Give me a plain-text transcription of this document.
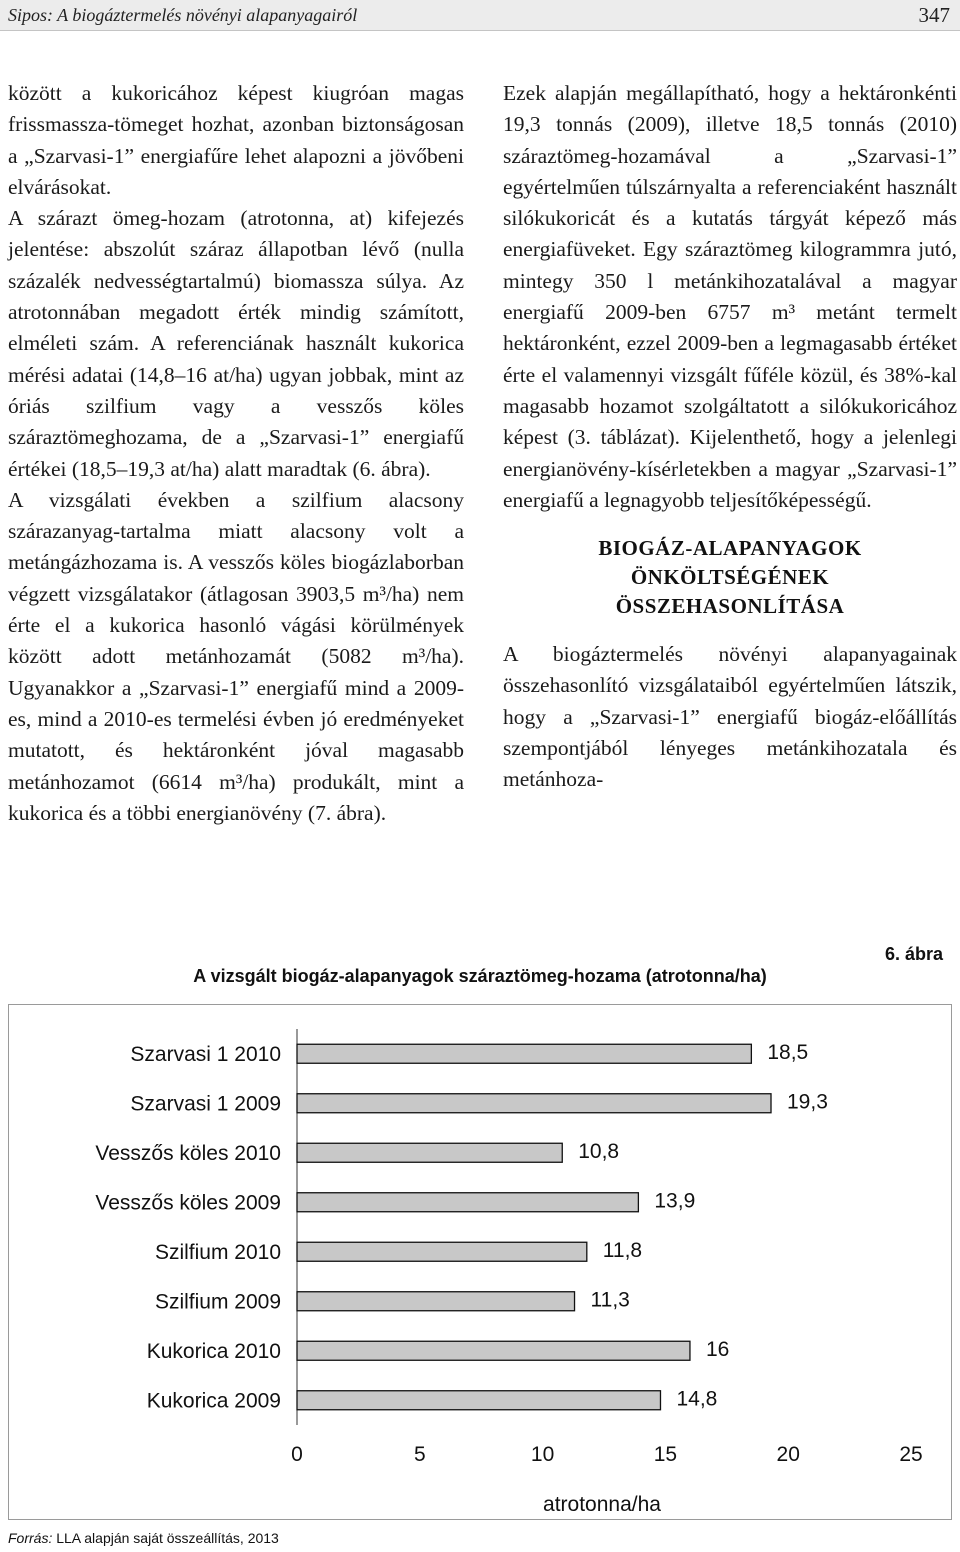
Sipos: A biogáztermelés növényi alapanyagairól	347

között a kukoricához képest kiugróan magas frissmassza-tömeget hozhat, azonban biztonságosan a „Szarvasi-1” energiafűre lehet alapozni a jövőbeni elvárásokat.

A szárazt ömeg-hozam (atrotonna, at) kifejezés jelentése: abszolút száraz állapotban lévő (nulla százalék nedvességtartalmú) biomassza súlya. Az atrotonnában megadott érték mindig számított, elméleti szám. A referenciának használt kukorica mérési adatai (14,8–16 at/ha) ugyan jobbak, mint az óriás szilfium vagy a vesszős köles száraztömeghozama, de a „Szarvasi-1” energiafű értékei (18,5–19,3 at/ha) alatt maradtak (6. ábra).

A vizsgálati években a szilfium alacsony szárazanyag-tartalma miatt alacsony volt a metángázhozama is. A vesszős köles biogázlaborban végzett vizsgálatakor (átlagosan 3903,5 m³/ha) nem érte el a kukorica hasonló vágási körülmények között adott metánhozamát (5082 m³/ha). Ugyanakkor a „Szarvasi-1” energiafű mind a 2009-es, mind a 2010-es termelési évben jó eredményeket mutatott, és hektáronként jóval magasabb metánhozamot (6614 m³/ha) produkált, mint a kukorica és a többi energianövény (7. ábra).

Ezek alapján megállapítható, hogy a hektáronkénti 19,3 tonnás (2009), illetve 18,5 tonnás (2010) száraztömeg-hozamával a „Szarvasi-1” egyértelműen túlszárnyalta a referenciaként használt silókukoricát és a kutatás tárgyát képező más energiafüveket. Egy száraztömeg kilogrammra jutó, mintegy 350 l metánkihozatalával a magyar energiafű 2009-ben 6757 m³ metánt termelt hektáronként, ezzel 2009-ben a legmagasabb értéket érte el valamennyi vizsgált fűféle közül, és 38%-kal magasabb hozamot szolgáltatott a silókukoricához képest (3. táblázat). Kijelenthető, hogy a jelenlegi energianövény-kísérletekben a magyar „Szarvasi-1” energiafű a legnagyobb teljesítőképességű.

BIOGÁZ-ALAPANYAGOK
ÖNKÖLTSÉGÉNEK
ÖSSZEHASONLÍTÁSA

A biogáztermelés növényi alapanyagainak összehasonlító vizsgálataiból egyértelműen látszik, hogy a „Szarvasi-1” energiafű biogáz-előállítás szempontjából lényeges metánkihozatala és metánhoza-

6. ábra
A vizsgált biogáz-alapanyagok száraztömeg-hozama (atrotonna/ha)
Szarvasi 1 2010	18,5
Szarvasi 1 2009	19,3
Vesszős köles 2010	10,8
Vesszős köles 2009	13,9
Szilfium 2010	11,8
Szilfium 2009	11,3
Kukorica 2010	16
Kukorica 2009	14,8
0	5	10	15	20	25
atrotonna/ha
Forrás: LLA alapján saját összeállítás, 2013
